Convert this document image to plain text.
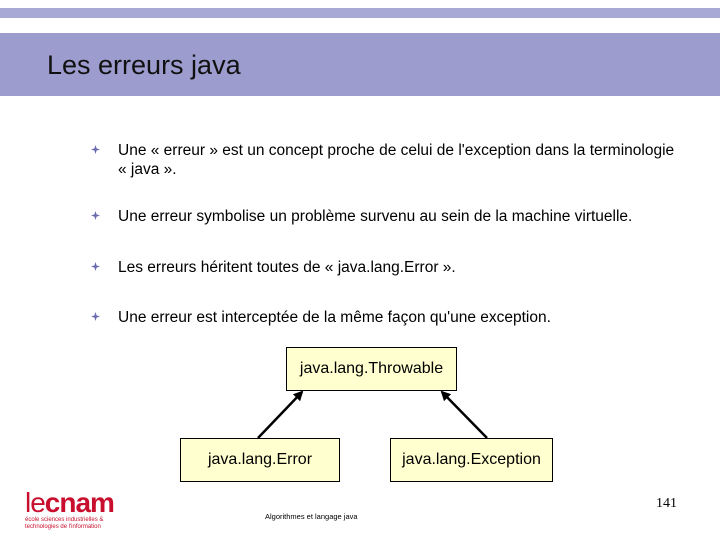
Les erreurs java
Une « erreur » est un concept proche de celui de l'exception dans la terminologie « java ».
Une erreur symbolise un problème survenu au sein de la machine virtuelle.
Les erreurs héritent toutes de « java.lang.Error ».
Une erreur est interceptée de la même façon qu'une exception.
java.lang.Throwable
java.lang.Error	java.lang.Exception
lecnam
école sciences industrielles &
technologies de l'information
Algorithmes et langage java
141
